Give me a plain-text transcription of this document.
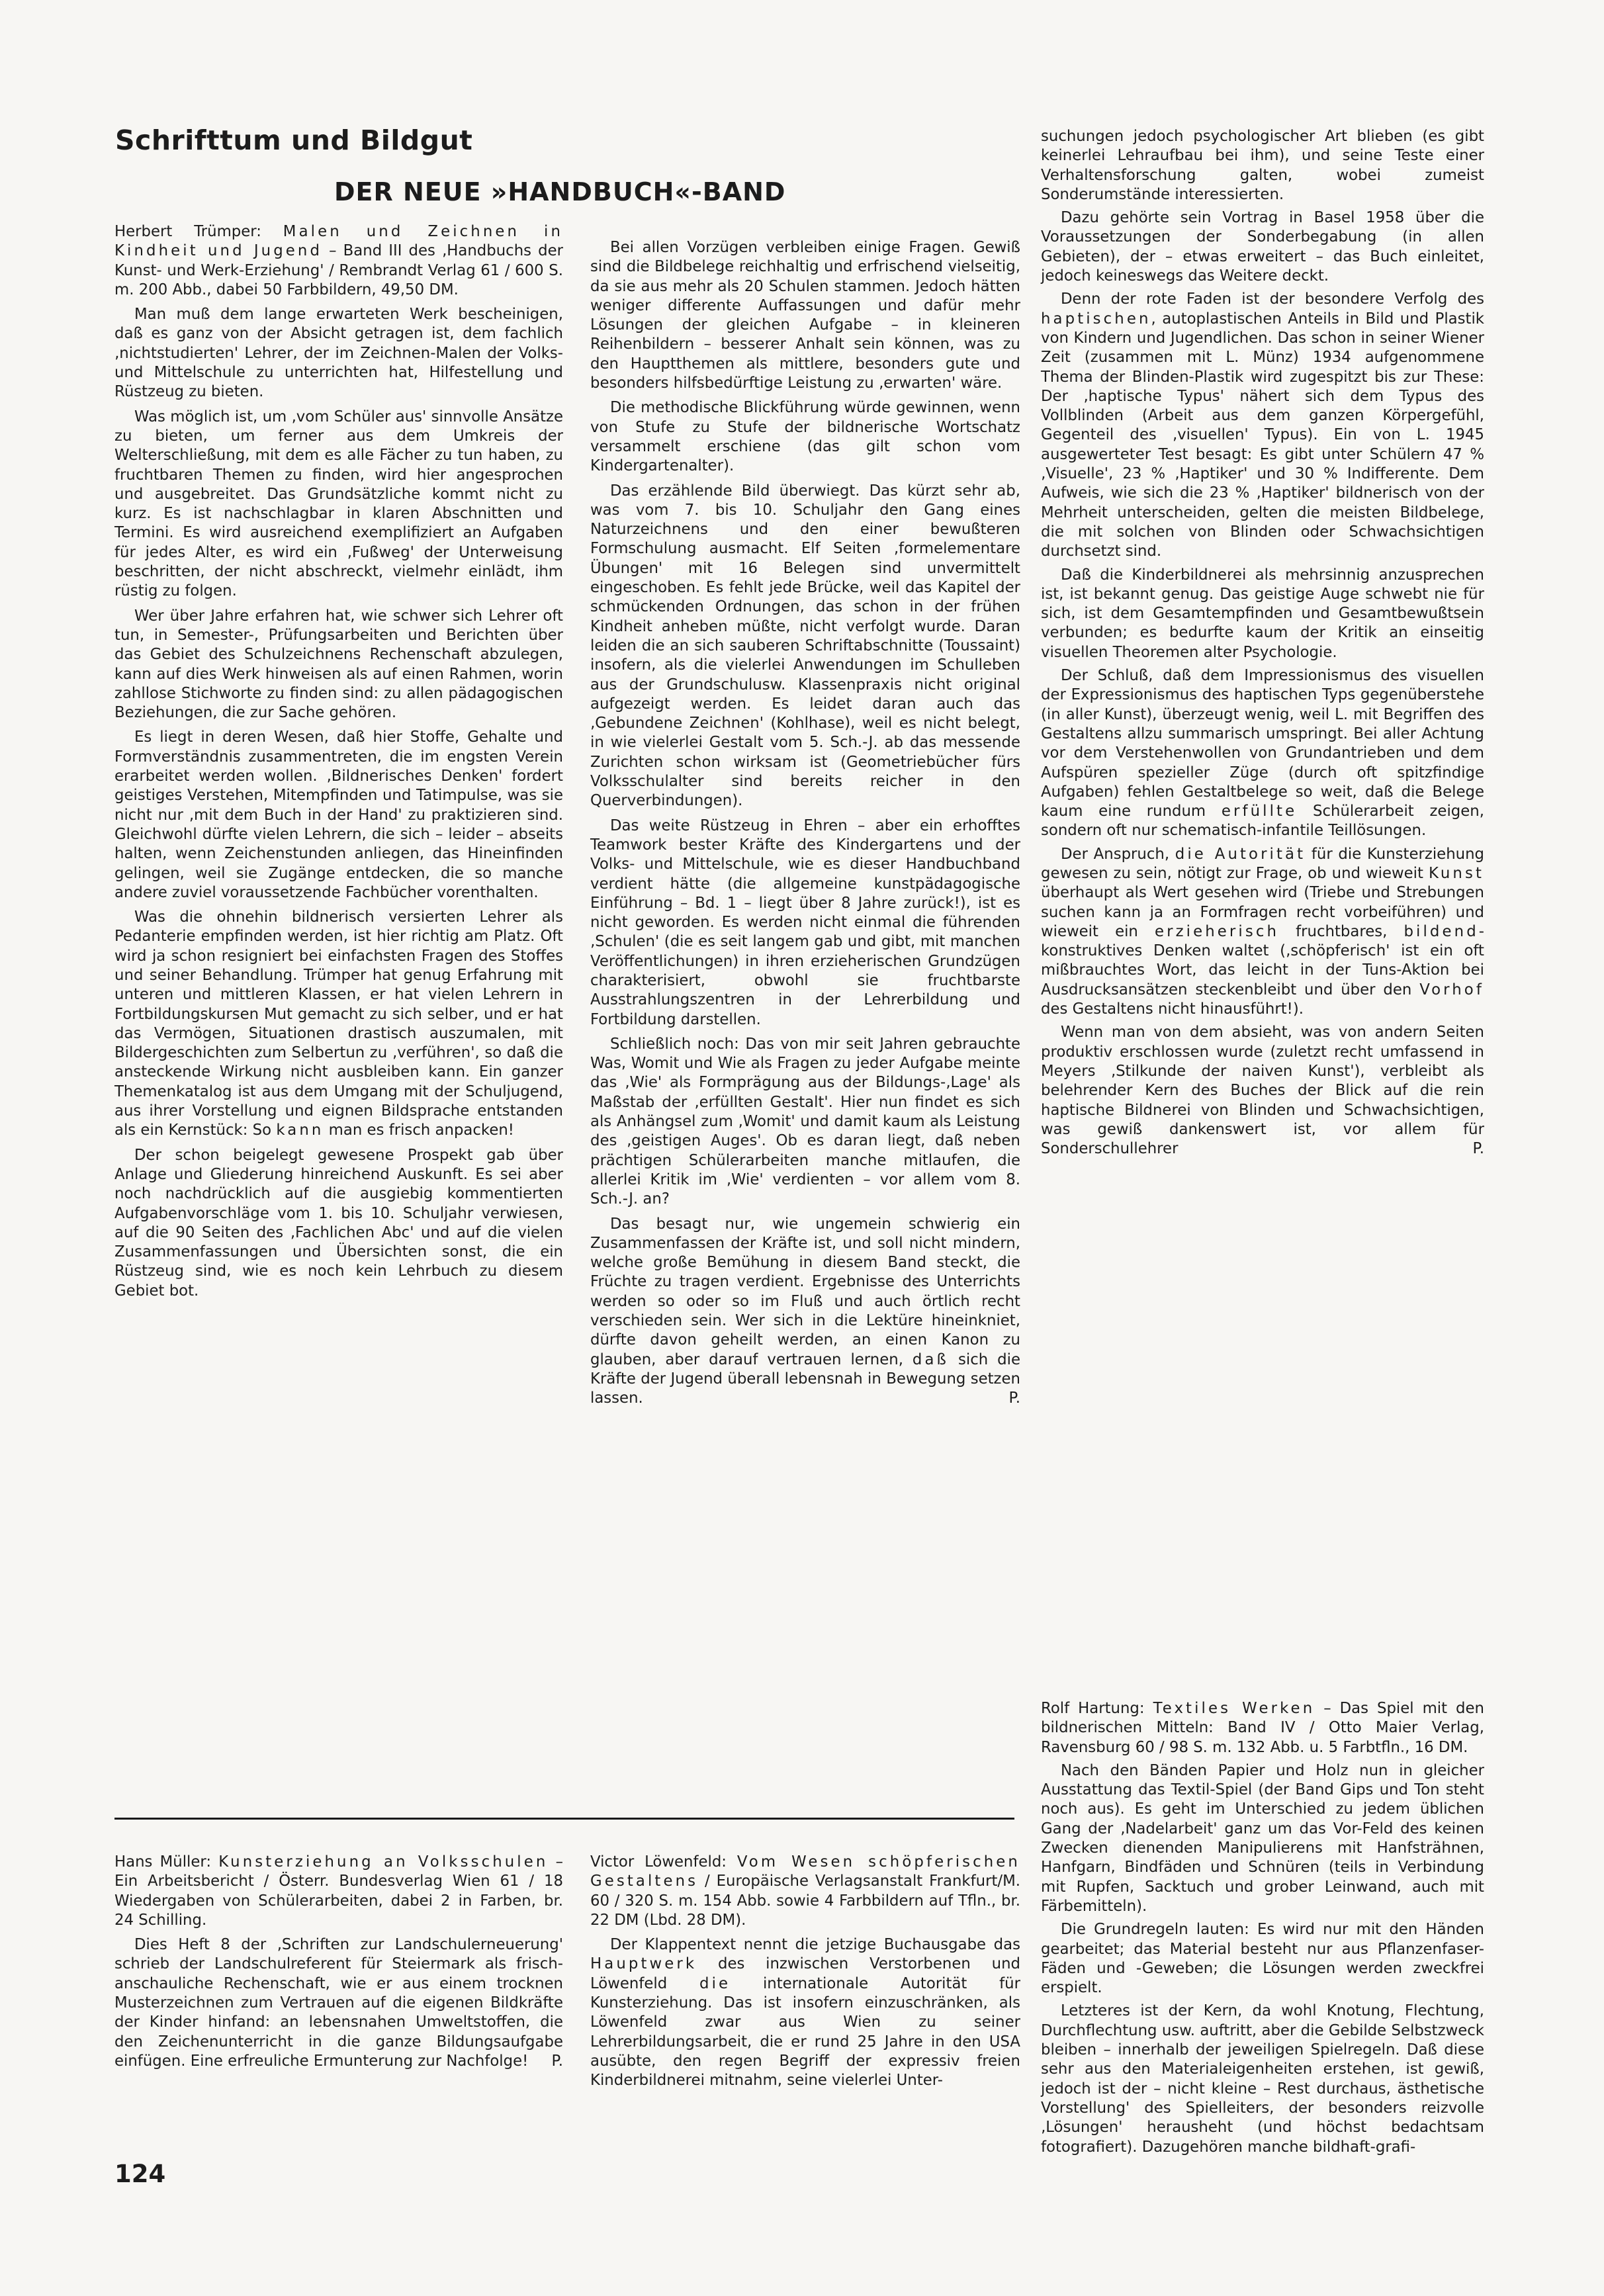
Schrifttum und Bildgut
DER NEUE »HANDBUCH«-BAND

Herbert Trümper: Malen und Zeichnen in Kindheit und Jugend – Band III des ‚Handbuchs der Kunst- und Werk-Erziehung' / Rembrandt Verlag 61 / 600 S. m. 200 Abb., dabei 50 Farbbildern, 49,50 DM.

Man muß dem lange erwarteten Werk bescheinigen, daß es ganz von der Absicht getragen ist, dem fachlich ‚nichtstudierten' Lehrer, der im Zeichnen-Malen der Volks- und Mittelschule zu unterrichten hat, Hilfestellung und Rüstzeug zu bieten.

Was möglich ist, um ‚vom Schüler aus' sinnvolle Ansätze zu bieten, um ferner aus dem Umkreis der Welterschließung, mit dem es alle Fächer zu tun haben, zu fruchtbaren Themen zu finden, wird hier angesprochen und ausgebreitet. Das Grundsätzliche kommt nicht zu kurz. Es ist nachschlagbar in klaren Abschnitten und Termini. Es wird ausreichend exemplifiziert an Aufgaben für jedes Alter, es wird ein ‚Fußweg' der Unterweisung beschritten, der nicht abschreckt, vielmehr einlädt, ihm rüstig zu folgen.

Wer über Jahre erfahren hat, wie schwer sich Lehrer oft tun, in Semester-, Prüfungsarbeiten und Berichten über das Gebiet des Schulzeichnens Rechenschaft abzulegen, kann auf dies Werk hinweisen als auf einen Rahmen, worin zahllose Stichworte zu finden sind: zu allen pädagogischen Beziehungen, die zur Sache gehören.

Es liegt in deren Wesen, daß hier Stoffe, Gehalte und Formverständnis zusammentreten, die im engsten Verein erarbeitet werden wollen. ‚Bildnerisches Denken' fordert geistiges Verstehen, Mitempfinden und Tatimpulse, was sie nicht nur ‚mit dem Buch in der Hand' zu praktizieren sind. Gleichwohl dürfte vielen Lehrern, die sich – leider – abseits halten, wenn Zeichenstunden anliegen, das Hineinfinden gelingen, weil sie Zugänge entdecken, die so manche andere zuviel voraussetzende Fachbücher vorenthalten.

Was die ohnehin bildnerisch versierten Lehrer als Pedanterie empfinden werden, ist hier richtig am Platz. Oft wird ja schon resigniert bei einfachsten Fragen des Stoffes und seiner Behandlung. Trümper hat genug Erfahrung mit unteren und mittleren Klassen, er hat vielen Lehrern in Fortbildungskursen Mut gemacht zu sich selber, und er hat das Vermögen, Situationen drastisch auszumalen, mit Bildergeschichten zum Selbertun zu ‚verführen', so daß die ansteckende Wirkung nicht ausbleiben kann. Ein ganzer Themenkatalog ist aus dem Umgang mit der Schuljugend, aus ihrer Vorstellung und eignen Bildsprache entstanden als ein Kernstück: So kann man es frisch anpacken!

Der schon beigelegt gewesene Prospekt gab über Anlage und Gliederung hinreichend Auskunft. Es sei aber noch nachdrücklich auf die ausgiebig kommentierten Aufgabenvorschläge vom 1. bis 10. Schuljahr verwiesen, auf die 90 Seiten des ‚Fachlichen Abc' und auf die vielen Zusammenfassungen und Übersichten sonst, die ein Rüstzeug sind, wie es noch kein Lehrbuch zu diesem Gebiet bot.

Bei allen Vorzügen verbleiben einige Fragen. Gewiß sind die Bildbelege reichhaltig und erfrischend vielseitig, da sie aus mehr als 20 Schulen stammen. Jedoch hätten weniger differente Auffassungen und dafür mehr Lösungen der gleichen Aufgabe – in kleineren Reihenbildern – besserer Anhalt sein können, was zu den Hauptthemen als mittlere, besonders gute und besonders hilfsbedürftige Leistung zu ‚erwarten' wäre.

Die methodische Blickführung würde gewinnen, wenn von Stufe zu Stufe der bildnerische Wortschatz versammelt erschiene (das gilt schon vom Kindergartenalter).

Das erzählende Bild überwiegt. Das kürzt sehr ab, was vom 7. bis 10. Schuljahr den Gang eines Naturzeichnens und den einer bewußteren Formschulung ausmacht. Elf Seiten ‚formelementare Übungen' mit 16 Belegen sind unvermittelt eingeschoben. Es fehlt jede Brücke, weil das Kapitel der schmückenden Ordnungen, das schon in der frühen Kindheit anheben müßte, nicht verfolgt wurde. Daran leiden die an sich sauberen Schriftabschnitte (Toussaint) insofern, als die vielerlei Anwendungen im Schulleben aus der Grundschulusw. Klassenpraxis nicht original aufgezeigt werden. Es leidet daran auch das ‚Gebundene Zeichnen' (Kohlhase), weil es nicht belegt, in wie vielerlei Gestalt vom 5. Sch.-J. ab das messende Zurichten schon wirksam ist (Geometriebücher fürs Volksschulalter sind bereits reicher in den Querverbindungen).

Das weite Rüstzeug in Ehren – aber ein erhofftes Teamwork bester Kräfte des Kindergartens und der Volks- und Mittelschule, wie es dieser Handbuchband verdient hätte (die allgemeine kunstpädagogische Einführung – Bd. 1 – liegt über 8 Jahre zurück!), ist es nicht geworden. Es werden nicht einmal die führenden ‚Schulen' (die es seit langem gab und gibt, mit manchen Veröffentlichungen) in ihren erzieherischen Grundzügen charakterisiert, obwohl sie fruchtbarste Ausstrahlungszentren in der Lehrerbildung und Fortbildung darstellen.

Schließlich noch: Das von mir seit Jahren gebrauchte Was, Womit und Wie als Fragen zu jeder Aufgabe meinte das ‚Wie' als Formprägung aus der Bildungs-‚Lage' als Maßstab der ‚erfüllten Gestalt'. Hier nun findet es sich als Anhängsel zum ‚Womit' und damit kaum als Leistung des ‚geistigen Auges'. Ob es daran liegt, daß neben prächtigen Schülerarbeiten manche mitlaufen, die allerlei Kritik im ‚Wie' verdienten – vor allem vom 8. Sch.-J. an?

Das besagt nur, wie ungemein schwierig ein Zusammenfassen der Kräfte ist, und soll nicht mindern, welche große Bemühung in diesem Band steckt, die Früchte zu tragen verdient. Ergebnisse des Unterrichts werden so oder so im Fluß und auch örtlich recht verschieden sein. Wer sich in die Lektüre hineinkniet, dürfte davon geheilt werden, an einen Kanon zu glauben, aber darauf vertrauen lernen, daß sich die Kräfte der Jugend überall lebensnah in Bewegung setzen lassen.	P.

suchungen jedoch psychologischer Art blieben (es gibt keinerlei Lehraufbau bei ihm), und seine Teste einer Verhaltensforschung galten, wobei zumeist Sonderumstände interessierten.

Dazu gehörte sein Vortrag in Basel 1958 über die Voraussetzungen der Sonderbegabung (in allen Gebieten), der – etwas erweitert – das Buch einleitet, jedoch keineswegs das Weitere deckt.

Denn der rote Faden ist der besondere Verfolg des haptischen, autoplastischen Anteils in Bild und Plastik von Kindern und Jugendlichen. Das schon in seiner Wiener Zeit (zusammen mit L. Münz) 1934 aufgenommene Thema der Blinden-Plastik wird zugespitzt bis zur These: Der ‚haptische Typus' nähert sich dem Typus des Vollblinden (Arbeit aus dem ganzen Körpergefühl, Gegenteil des ‚visuellen' Typus). Ein von L. 1945 ausgewerteter Test besagt: Es gibt unter Schülern 47 % ‚Visuelle', 23 % ‚Haptiker' und 30 % Indifferente. Dem Aufweis, wie sich die 23 % ‚Haptiker' bildnerisch von der Mehrheit unterscheiden, gelten die meisten Bildbelege, die mit solchen von Blinden oder Schwachsichtigen durchsetzt sind.

Daß die Kinderbildnerei als mehrsinnig anzusprechen ist, ist bekannt genug. Das geistige Auge schwebt nie für sich, ist dem Gesamtempfinden und Gesamtbewußtsein verbunden; es bedurfte kaum der Kritik an einseitig visuellen Theoremen alter Psychologie.

Der Schluß, daß dem Impressionismus des visuellen der Expressionismus des haptischen Typs gegenüberstehe (in aller Kunst), überzeugt wenig, weil L. mit Begriffen des Gestaltens allzu summarisch umspringt. Bei aller Achtung vor dem Verstehenwollen von Grundantrieben und dem Aufspüren spezieller Züge (durch oft spitzfindige Aufgaben) fehlen Gestaltbelege so weit, daß die Belege kaum eine rundum erfüllte Schülerarbeit zeigen, sondern oft nur schematisch-infantile Teillösungen.

Der Anspruch, die Autorität für die Kunsterziehung gewesen zu sein, nötigt zur Frage, ob und wieweit Kunst überhaupt als Wert gesehen wird (Triebe und Strebungen suchen kann ja an Formfragen recht vorbeiführen) und wieweit ein erzieherisch fruchtbares, bildend-konstruktives Denken waltet (‚schöpferisch' ist ein oft mißbrauchtes Wort, das leicht in der Tuns-Aktion bei Ausdrucksansätzen steckenbleibt und über den Vorhof des Gestaltens nicht hinausführt!).

Wenn man von dem absieht, was von andern Seiten produktiv erschlossen wurde (zuletzt recht umfassend in Meyers ‚Stilkunde der naiven Kunst'), verbleibt als belehrender Kern des Buches der Blick auf die rein haptische Bildnerei von Blinden und Schwachsichtigen, was gewiß dankenswert ist, vor allem für Sonderschullehrer	P.

Rolf Hartung: Textiles Werken – Das Spiel mit den bildnerischen Mitteln: Band IV / Otto Maier Verlag, Ravensburg 60 / 98 S. m. 132 Abb. u. 5 Farbtfln., 16 DM.

Nach den Bänden Papier und Holz nun in gleicher Ausstattung das Textil-Spiel (der Band Gips und Ton steht noch aus). Es geht im Unterschied zu jedem üblichen Gang der ‚Nadelarbeit' ganz um das Vor-Feld des keinen Zwecken dienenden Manipulierens mit Hanfsträhnen, Hanfgarn, Bindfäden und Schnüren (teils in Verbindung mit Rupfen, Sacktuch und grober Leinwand, auch mit Färbemitteln).

Die Grundregeln lauten: Es wird nur mit den Händen gearbeitet; das Material besteht nur aus Pflanzenfaser-Fäden und -Geweben; die Lösungen werden zweckfrei erspielt.

Letzteres ist der Kern, da wohl Knotung, Flechtung, Durchflechtung usw. auftritt, aber die Gebilde Selbstzweck bleiben – innerhalb der jeweiligen Spielregeln. Daß diese sehr aus den Materialeigenheiten erstehen, ist gewiß, jedoch ist der – nicht kleine – Rest durchaus, ästhetische Vorstellung' des Spielleiters, der besonders reizvolle ‚Lösungen' herausheht (und höchst bedachtsam fotografiert). Dazugehören manche bildhaft-grafi-

Hans Müller: Kunsterziehung an Volksschulen – Ein Arbeitsbericht / Österr. Bundesverlag Wien 61 / 18 Wiedergaben von Schülerarbeiten, dabei 2 in Farben, br. 24 Schilling.

Dies Heft 8 der ‚Schriften zur Landschulerneuerung' schrieb der Landschulreferent für Steiermark als frisch-anschauliche Rechenschaft, wie er aus einem trocknen Musterzeichnen zum Vertrauen auf die eigenen Bildkräfte der Kinder hinfand: an lebensnahen Umweltstoffen, die den Zeichenunterricht in die ganze Bildungsaufgabe einfügen. Eine erfreuliche Ermunterung zur Nachfolge!	P.

Victor Löwenfeld: Vom Wesen schöpferischen Gestaltens / Europäische Verlagsanstalt Frankfurt/M. 60 / 320 S. m. 154 Abb. sowie 4 Farbbildern auf Tfln., br. 22 DM (Lbd. 28 DM).

Der Klappentext nennt die jetzige Buchausgabe das Hauptwerk des inzwischen Verstorbenen und Löwenfeld die internationale Autorität für Kunsterziehung. Das ist insofern einzuschränken, als Löwenfeld zwar aus Wien zu seiner Lehrerbildungsarbeit, die er rund 25 Jahre in den USA ausübte, den regen Begriff der expressiv freien Kinderbildnerei mitnahm, seine vielerlei Unter-

124
